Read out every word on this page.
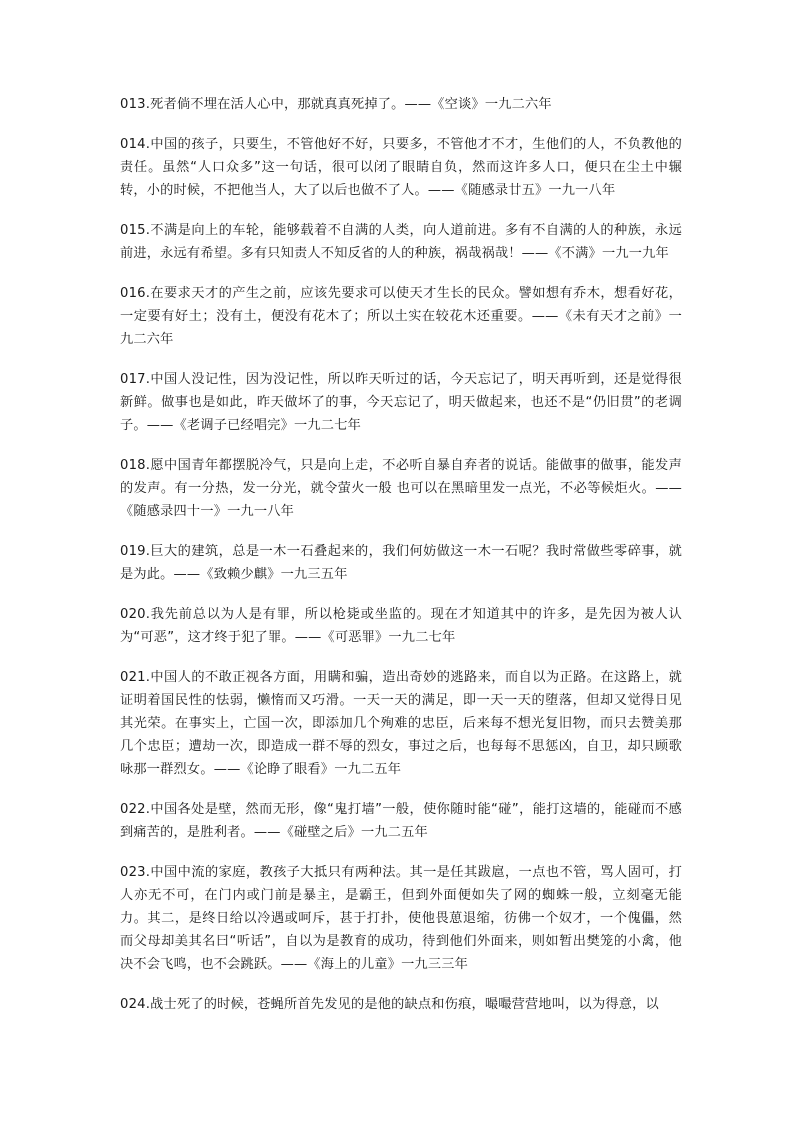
013.死者倘不埋在活人心中，那就真真死掉了。——《空谈》一九二六年

014.中国的孩子，只要生，不管他好不好，只要多，不管他才不才，生他们的人，不负教他的责任。虽然“人口众多”这一句话，很可以闭了眼睛自负，然而这许多人口，便只在尘土中辗转，小的时候，不把他当人，大了以后也做不了人。——《随感录廿五》一九一八年

015.不满是向上的车轮，能够载着不自满的人类，向人道前进。多有不自满的人的种族，永远前进，永远有希望。多有只知责人不知反省的人的种族，祸哉祸哉！——《不满》一九一九年

016.在要求天才的产生之前，应该先要求可以使天才生长的民众。譬如想有乔木，想看好花，一定要有好土；没有土，便没有花木了；所以土实在较花木还重要。——《未有天才之前》一九二六年

017.中国人没记性，因为没记性，所以昨天听过的话，今天忘记了，明天再听到，还是觉得很新鲜。做事也是如此，昨天做坏了的事，今天忘记了，明天做起来，也还不是“仍旧贯”的老调子。——《老调子已经唱完》一九二七年

018.愿中国青年都摆脱冷气，只是向上走，不必听自暴自弃者的说话。能做事的做事，能发声的发声。有一分热，发一分光，就令萤火一般 也可以在黑暗里发一点光，不必等候炬火。——《随感录四十一》一九一八年

019.巨大的建筑，总是一木一石叠起来的，我们何妨做这一木一石呢？我时常做些零碎事，就是为此。——《致赖少麒》一九三五年

020.我先前总以为人是有罪，所以枪毙或坐监的。现在才知道其中的许多，是先因为被人认为“可恶”，这才终于犯了罪。——《可恶罪》一九二七年

021.中国人的不敢正视各方面，用瞒和骗，造出奇妙的逃路来，而自以为正路。在这路上，就证明着国民性的怯弱，懒惰而又巧滑。一天一天的满足，即一天一天的堕落，但却又觉得日见其光荣。在事实上，亡国一次，即添加几个殉难的忠臣，后来每不想光复旧物，而只去赞美那几个忠臣；遭劫一次，即造成一群不辱的烈女，事过之后，也每每不思惩凶，自卫，却只顾歌咏那一群烈女。——《论睁了眼看》一九二五年

022.中国各处是壁，然而无形，像“鬼打墙”一般，使你随时能“碰”，能打这墙的，能碰而不感到痛苦的，是胜利者。——《碰壁之后》一九二五年

023.中国中流的家庭，教孩子大抵只有两种法。其一是任其跋扈，一点也不管，骂人固可，打人亦无不可，在门内或门前是暴主，是霸王，但到外面便如失了网的蜘蛛一般，立刻毫无能力。其二，是终日给以冷遇或呵斥，甚于打扑，使他畏葸退缩，彷佛一个奴才，一个傀儡，然而父母却美其名曰“听话”，自以为是教育的成功，待到他们外面来，则如暂出樊笼的小禽，他决不会飞鸣，也不会跳跃。——《海上的儿童》一九三三年

024.战士死了的时候，苍蝇所首先发见的是他的缺点和伤痕，嘬嘬营营地叫，以为得意，以
